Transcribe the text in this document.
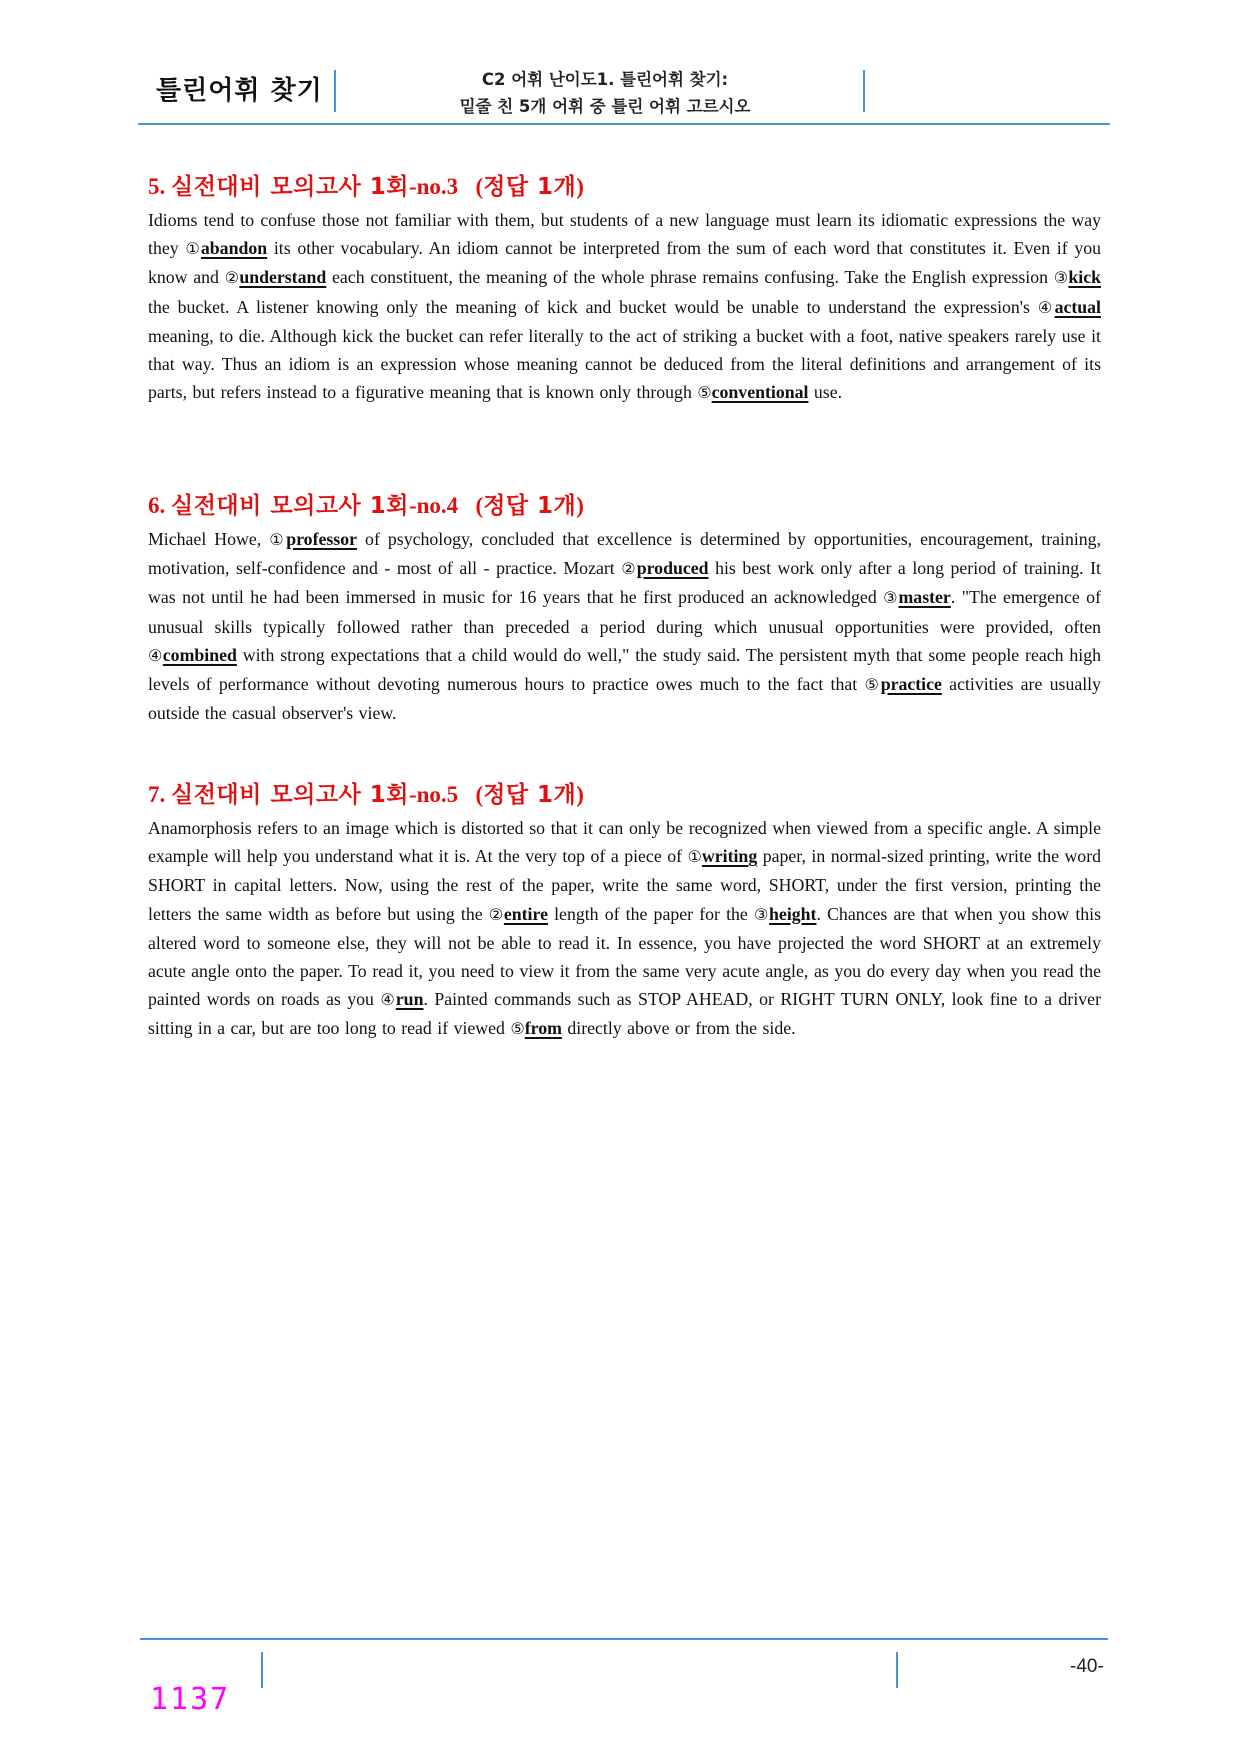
틀린어휘 찾기	C2 어휘 난이도1. 틀린어휘 찾기:
밑줄 친 5개 어휘 중 틀린 어휘 고르시오
5. 실전대비 모의고사 1회-no.3 (정답 1개)
Idioms tend to confuse those not familiar with them, but students of a new language must learn its idiomatic expressions the way they ①abandon its other vocabulary. An idiom cannot be interpreted from the sum of each word that constitutes it. Even if you know and ②understand each constituent, the meaning of the whole phrase remains confusing. Take the English expression ③kick the bucket. A listener knowing only the meaning of kick and bucket would be unable to understand the expression's ④actual meaning, to die. Although kick the bucket can refer literally to the act of striking a bucket with a foot, native speakers rarely use it that way. Thus an idiom is an expression whose meaning cannot be deduced from the literal definitions and arrangement of its parts, but refers instead to a figurative meaning that is known only through ⑤conventional use.
6. 실전대비 모의고사 1회-no.4 (정답 1개)
Michael Howe, ①professor of psychology, concluded that excellence is determined by opportunities, encouragement, training, motivation, self-confidence and - most of all - practice. Mozart ②produced his best work only after a long period of training. It was not until he had been immersed in music for 16 years that he first produced an acknowledged ③master. "The emergence of unusual skills typically followed rather than preceded a period during which unusual opportunities were provided, often ④combined with strong expectations that a child would do well," the study said. The persistent myth that some people reach high levels of performance without devoting numerous hours to practice owes much to the fact that ⑤practice activities are usually outside the casual observer's view.
7. 실전대비 모의고사 1회-no.5 (정답 1개)
Anamorphosis refers to an image which is distorted so that it can only be recognized when viewed from a specific angle. A simple example will help you understand what it is. At the very top of a piece of ①writing paper, in normal-sized printing, write the word SHORT in capital letters. Now, using the rest of the paper, write the same word, SHORT, under the first version, printing the letters the same width as before but using the ②entire length of the paper for the ③height. Chances are that when you show this altered word to someone else, they will not be able to read it. In essence, you have projected the word SHORT at an extremely acute angle onto the paper. To read it, you need to view it from the same very acute angle, as you do every day when you read the painted words on roads as you ④run. Painted commands such as STOP AHEAD, or RIGHT TURN ONLY, look fine to a driver sitting in a car, but are too long to read if viewed ⑤from directly above or from the side.
-40-
1137
